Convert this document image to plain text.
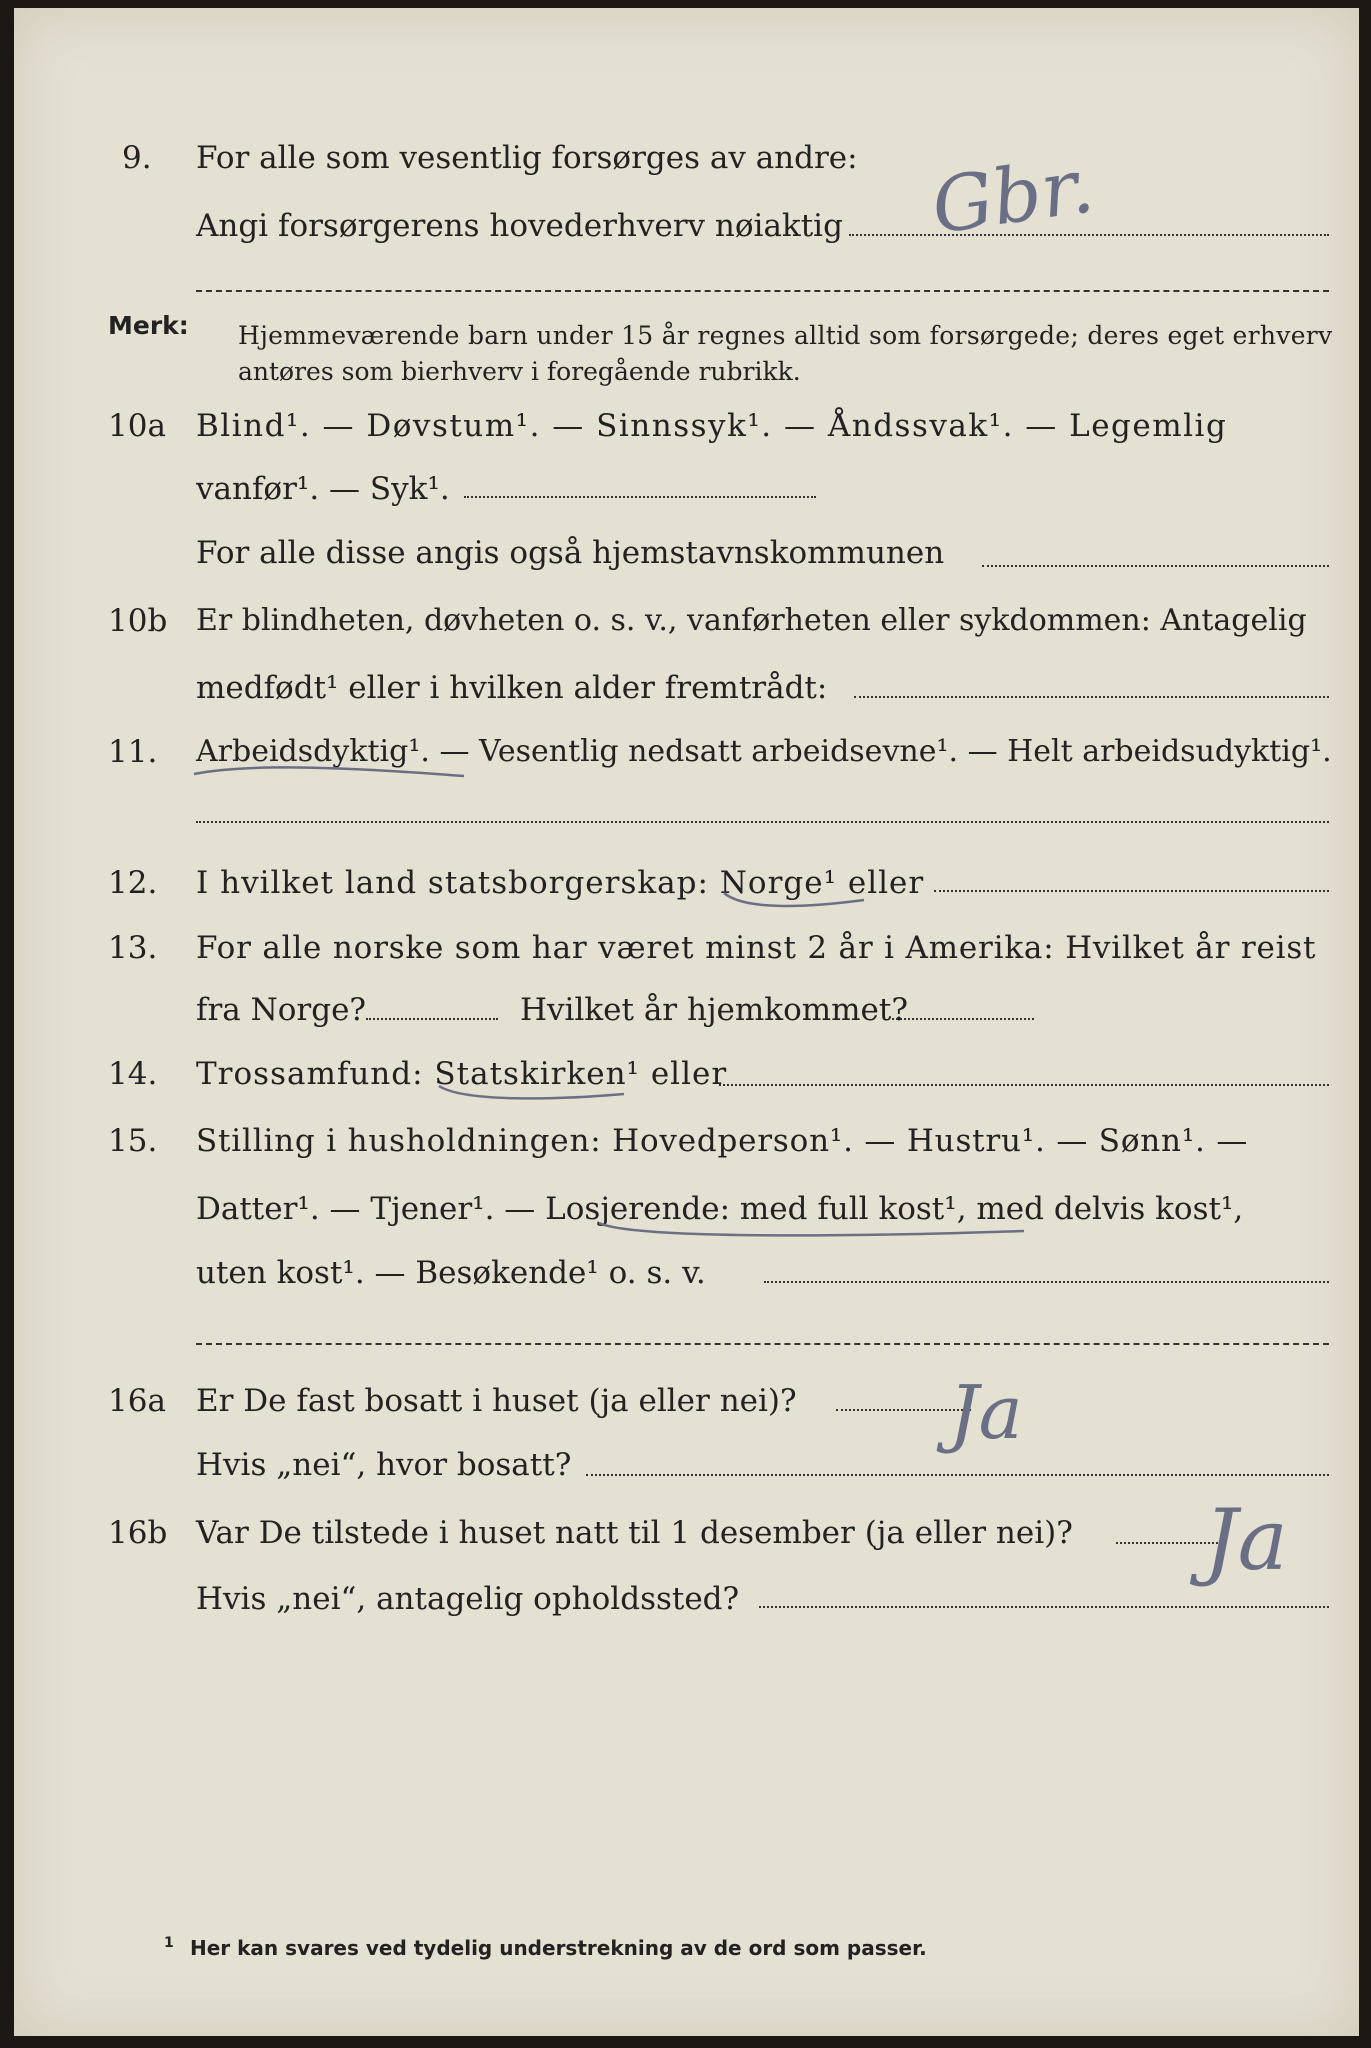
9. For alle som vesentlig forsørges av andre:
Angi forsørgerens hovederhverv nøiaktig Gbr.
Merk: Hjemmeværende barn under 15 år regnes alltid som forsørgede; deres eget erhverv
antøres som bierhverv i foregående rubrikk.
10a Blind¹. — Døvstum¹. — Sinnssyk¹. — Åndssvak¹. — Legemlig
vanfør¹. — Syk¹.
For alle disse angis også hjemstavnskommunen
10b Er blindheten, døvheten o. s. v., vanførheten eller sykdommen: Antagelig
medfødt¹ eller i hvilken alder fremtrådt:
11. Arbeidsdyktig¹. — Vesentlig nedsatt arbeidsevne¹. — Helt arbeidsudyktig¹.
12. I hvilket land statsborgerskap: Norge¹ eller
13. For alle norske som har været minst 2 år i Amerika: Hvilket år reist
fra Norge?	Hvilket år hjemkommet?
14. Trossamfund: Statskirken¹ eller
15. Stilling i husholdningen: Hovedperson¹. — Hustru¹. — Sønn¹. —
Datter¹. — Tjener¹. — Losjerende: med full kost¹, med delvis kost¹,
uten kost¹. — Besøkende¹ o. s. v.
16a Er De fast bosatt i huset (ja eller nei)? Ja
Hvis „nei“, hvor bosatt?
16b Var De tilstede i huset natt til 1 desember (ja eller nei)? Ja
Hvis „nei“, antagelig opholdssted?
1 Her kan svares ved tydelig understrekning av de ord som passer.
